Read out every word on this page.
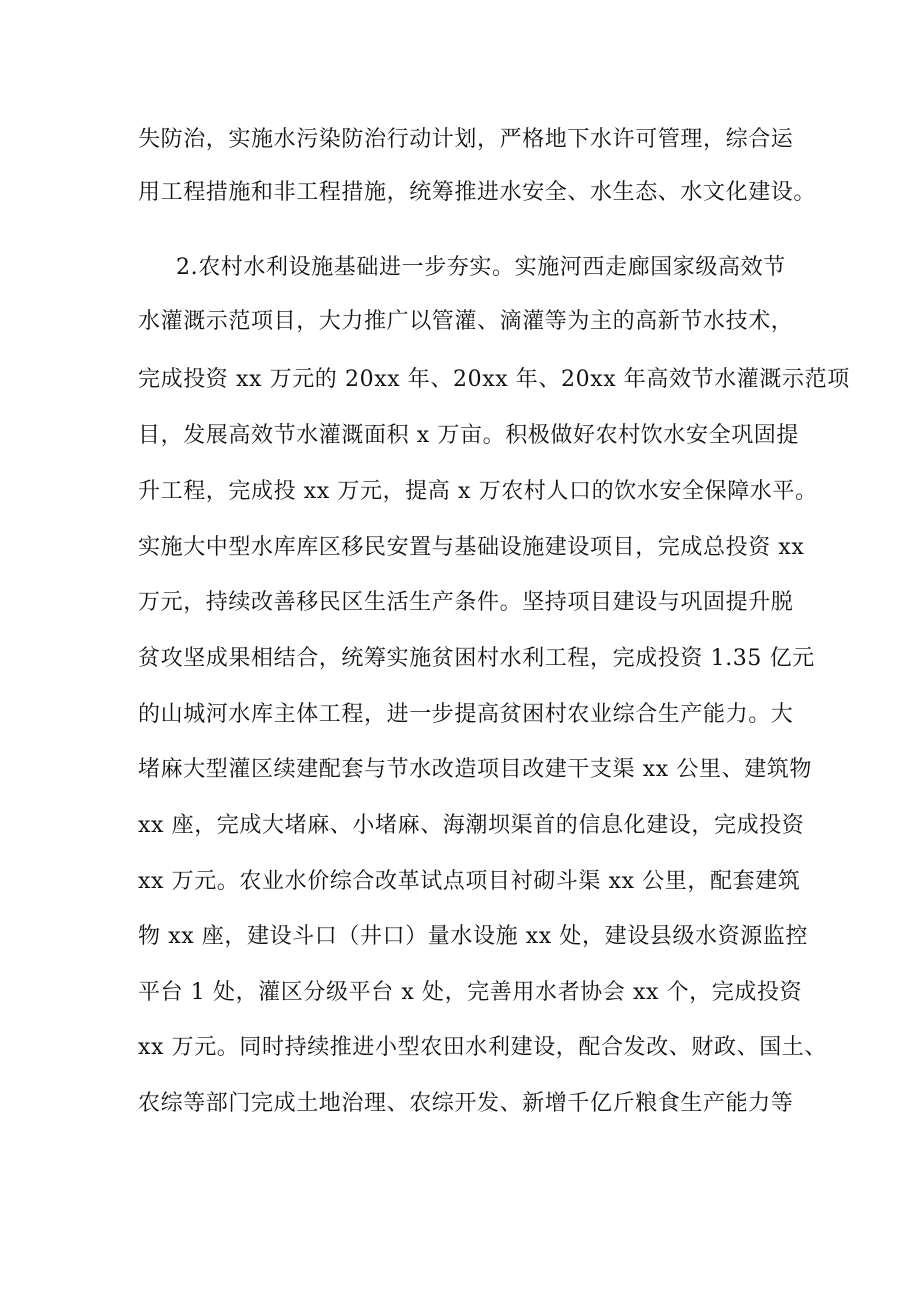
失防治，实施水污染防治行动计划，严格地下水许可管理，综合运
用工程措施和非工程措施，统筹推进水安全、水生态、水文化建设。
2.农村水利设施基础进一步夯实。实施河西走廊国家级高效节
水灌溉示范项目，大力推广以管灌、滴灌等为主的高新节水技术，
完成投资 xx 万元的 20xx 年、20xx 年、20xx 年高效节水灌溉示范项
目，发展高效节水灌溉面积 x 万亩。积极做好农村饮水安全巩固提
升工程，完成投 xx 万元，提高 x 万农村人口的饮水安全保障水平。
实施大中型水库库区移民安置与基础设施建设项目，完成总投资 xx
万元，持续改善移民区生活生产条件。坚持项目建设与巩固提升脱
贫攻坚成果相结合，统筹实施贫困村水利工程，完成投资 1.35 亿元
的山城河水库主体工程，进一步提高贫困村农业综合生产能力。大
堵麻大型灌区续建配套与节水改造项目改建干支渠 xx 公里、建筑物
xx 座，完成大堵麻、小堵麻、海潮坝渠首的信息化建设，完成投资
xx 万元。农业水价综合改革试点项目衬砌斗渠 xx 公里，配套建筑
物 xx 座，建设斗口（井口）量水设施 xx 处，建设县级水资源监控
平台 1 处，灌区分级平台 x 处，完善用水者协会 xx 个，完成投资
xx 万元。同时持续推进小型农田水利建设，配合发改、财政、国土、
农综等部门完成土地治理、农综开发、新增千亿斤粮食生产能力等
